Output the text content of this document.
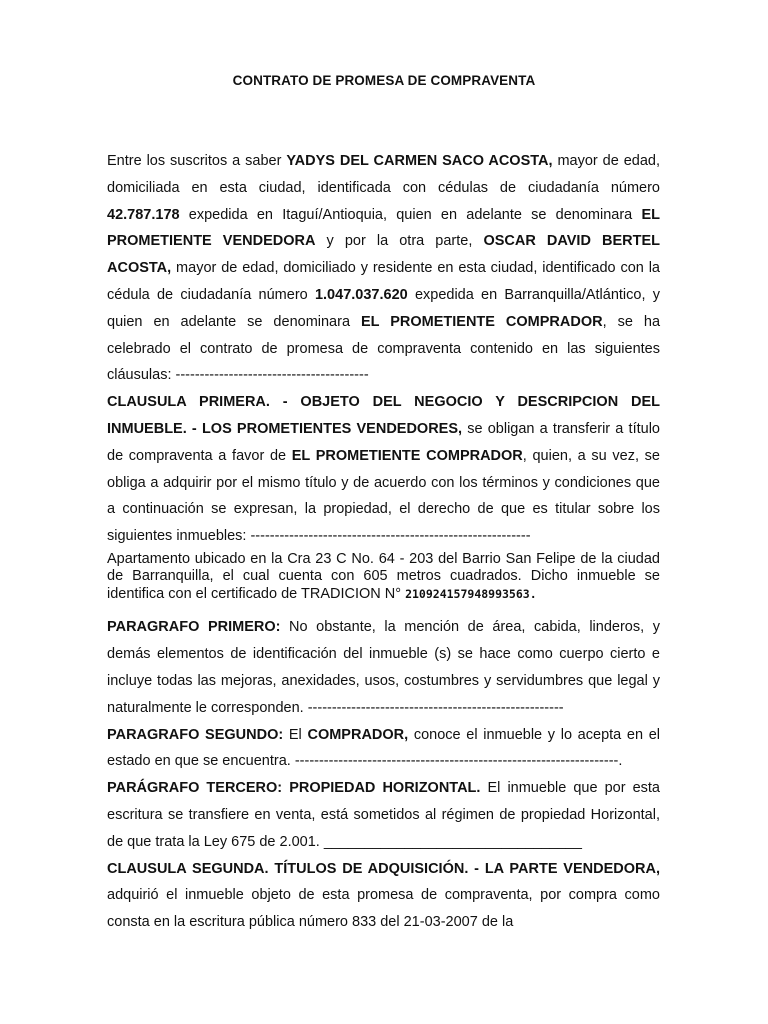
CONTRATO DE PROMESA DE COMPRAVENTA

Entre los suscritos a saber YADYS DEL CARMEN SACO ACOSTA, mayor de edad, domiciliada en esta ciudad, identificada con cédulas de ciudadanía número 42.787.178 expedida en Itaguí/Antioquia, quien en adelante se denominara EL PROMETIENTE VENDEDORA y por la otra parte, OSCAR DAVID BERTEL ACOSTA, mayor de edad, domiciliado y residente en esta ciudad, identificado con la cédula de ciudadanía número 1.047.037.620 expedida en Barranquilla/Atlántico, y quien en adelante se denominara EL PROMETIENTE COMPRADOR, se ha celebrado el contrato de promesa de compraventa contenido en las siguientes cláusulas: ----------------------------------------

CLAUSULA PRIMERA. - OBJETO DEL NEGOCIO Y DESCRIPCION DEL INMUEBLE. - LOS PROMETIENTES VENDEDORES, se obligan a transferir a título de compraventa a favor de EL PROMETIENTE COMPRADOR, quien, a su vez, se obliga a adquirir por el mismo título y de acuerdo con los términos y condiciones que a continuación se expresan, la propiedad, el derecho de que es titular sobre los siguientes inmuebles: ----------------------------------------------------------

Apartamento ubicado en la Cra 23 C No. 64 - 203 del Barrio San Felipe de la ciudad de Barranquilla, el cual cuenta con 605 metros cuadrados. Dicho inmueble se identifica con el certificado de TRADICION N° 210924157948993563.

PARAGRAFO PRIMERO: No obstante, la mención de área, cabida, linderos, y demás elementos de identificación del inmueble (s) se hace como cuerpo cierto e incluye todas las mejoras, anexidades, usos, costumbres y servidumbres que legal y naturalmente le corresponden. -----------------------------------------------------

PARAGRAFO SEGUNDO: El COMPRADOR, conoce el inmueble y lo acepta en el estado en que se encuentra. -------------------------------------------------------------------.

PARÁGRAFO TERCERO: PROPIEDAD HORIZONTAL. El inmueble que por esta escritura se transfiere en venta, está sometidos al régimen de propiedad Horizontal, de que trata la Ley 675 de 2.001. ________________________________

CLAUSULA SEGUNDA. TÍTULOS DE ADQUISICIÓN. - LA PARTE VENDEDORA, adquirió el inmueble objeto de esta promesa de compraventa, por compra como consta en la escritura pública número 833 del 21-03-2007 de la
